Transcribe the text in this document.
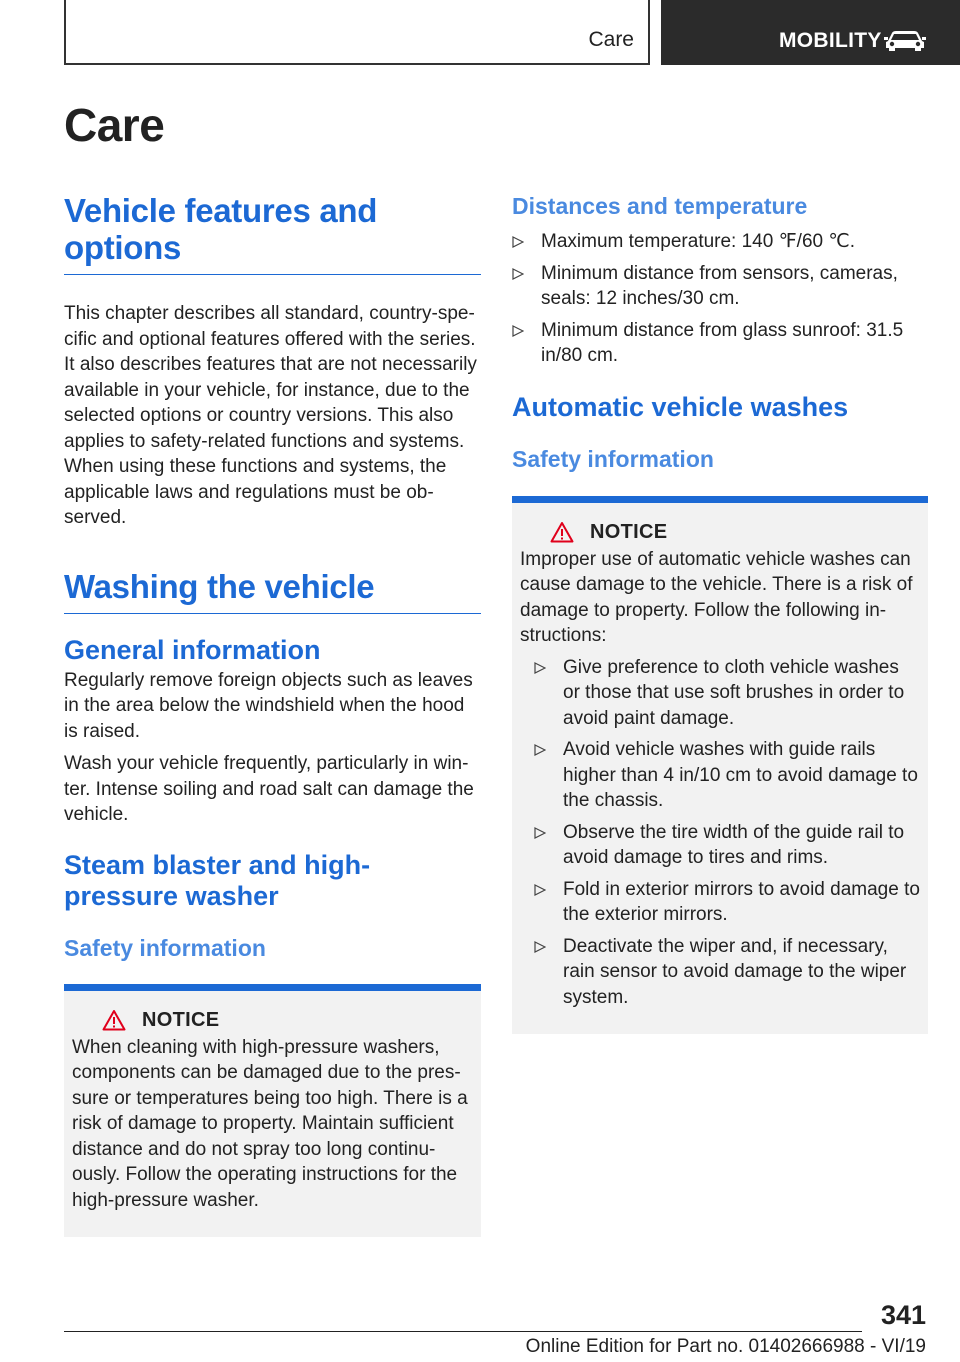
Care	MOBILITY
Care
Vehicle features and options

This chapter describes all standard, country-specific and optional features offered with the series. It also describes features that are not necessarily available in your vehicle, for instance, due to the selected options or country versions. This also applies to safety-related functions and systems. When using these functions and systems, the applicable laws and regulations must be observed.

Washing the vehicle
General information

Regularly remove foreign objects such as leaves in the area below the windshield when the hood is raised.

Wash your vehicle frequently, particularly in winter. Intense soiling and road salt can damage the vehicle.

Steam blaster and high-pressure washer
Safety information
NOTICE

When cleaning with high-pressure washers, components can be damaged due to the pressure or temperatures being too high. There is a risk of damage to property. Maintain sufficient distance and do not spray too long continuously. Follow the operating instructions for the high-pressure washer.

Distances and temperature
Maximum temperature: 140 ℉/60 ℃.
Minimum distance from sensors, cameras, seals: 12 inches/30 cm.
Minimum distance from glass sunroof: 31.5 in/80 cm.
Automatic vehicle washes
Safety information
NOTICE

Improper use of automatic vehicle washes can cause damage to the vehicle. There is a risk of damage to property. Follow the following instructions:

Give preference to cloth vehicle washes or those that use soft brushes in order to avoid paint damage.
Avoid vehicle washes with guide rails higher than 4 in/10 cm to avoid damage to the chassis.
Observe the tire width of the guide rail to avoid damage to tires and rims.
Fold in exterior mirrors to avoid damage to the exterior mirrors.
Deactivate the wiper and, if necessary, rain sensor to avoid damage to the wiper system.
341
Online Edition for Part no. 01402666988 - VI/19
